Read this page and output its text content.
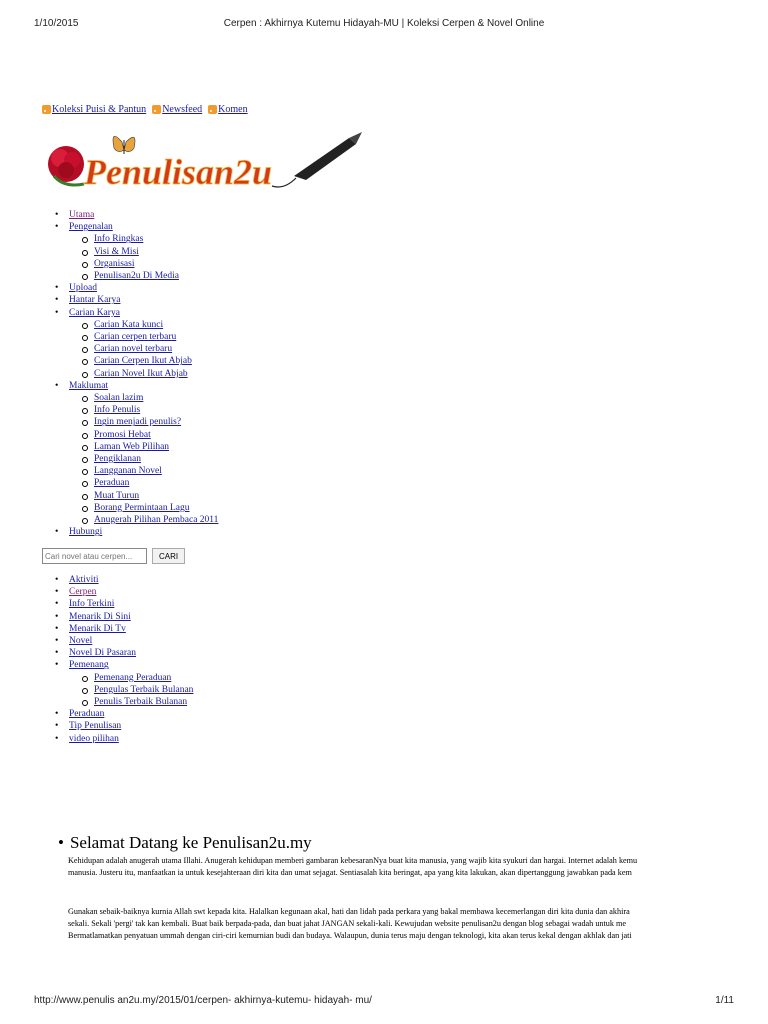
1/10/2015	Cerpen : Akhirnya Kutemu Hidayah-MU | Koleksi Cerpen & Novel Online
Koleksi Puisi & Pantun Newsfeed Komen
Penulisan2u
• Utama
• Pengenalan
Info Ringkas
Visi & Misi
Organisasi
Penulisan2u Di Media
• Upload
• Hantar Karya
• Carian Karya
Carian Kata kunci
Carian cerpen terbaru
Carian novel terbaru
Carian Cerpen Ikut Abjab
Carian Novel Ikut Abjab
• Maklumat
Soalan lazim
Info Penulis
Ingin menjadi penulis?
Promosi Hebat
Laman Web Pilihan
Pengiklanan
Langganan Novel
Peraduan
Muat Turun
Borang Permintaan Lagu
Anugerah Pilihan Pembaca 2011
• Hubungi
Cari novel atau cerpen...
CARI
• Aktiviti
• Cerpen
• Info Terkini
• Menarik Di Sini
• Menarik Di Tv
• Novel
• Novel Di Pasaran
• Pemenang
Pemenang Peraduan
Pengulas Terbaik Bulanan
Penulis Terbaik Bulanan
• Peraduan
• Tip Penulisan
• video pilihan
• Selamat Datang ke Penulisan2u.my
Kehidupan adalah anugerah utama Illahi. Anugerah kehidupan memberi gambaran kebesaranNya buat kita manusia, yang wajib kita syukuri dan hargai. Internet adalah kemu
manusia. Justeru itu, manfaatkan ia untuk kesejahteraan diri kita dan umat sejagat. Sentiasalah kita beringat, apa yang kita lakukan, akan dipertanggung jawabkan pada kem
Gunakan sebaik-baiknya kurnia Allah swt kepada kita. Halalkan kegunaan akal, hati dan lidah pada perkara yang bakal membawa kecemerlangan diri kita dunia dan akhira
sekali. Sekali 'pergi' tak kan kembali. Buat baik berpada-pada, dan buat jahat JANGAN sekali-kali. Kewujudan website penulisan2u dengan blog sebagai wadah untuk me
Bermatlamatkan penyatuan ummah dengan ciri-ciri kemurnian budi dan budaya. Walaupun, dunia terus maju dengan teknologi, kita akan terus kekal dengan akhlak dan jati
http://www.penulis an2u.my/2015/01/cerpen- akhirnya-kutemu- hidayah- mu/	1/11
